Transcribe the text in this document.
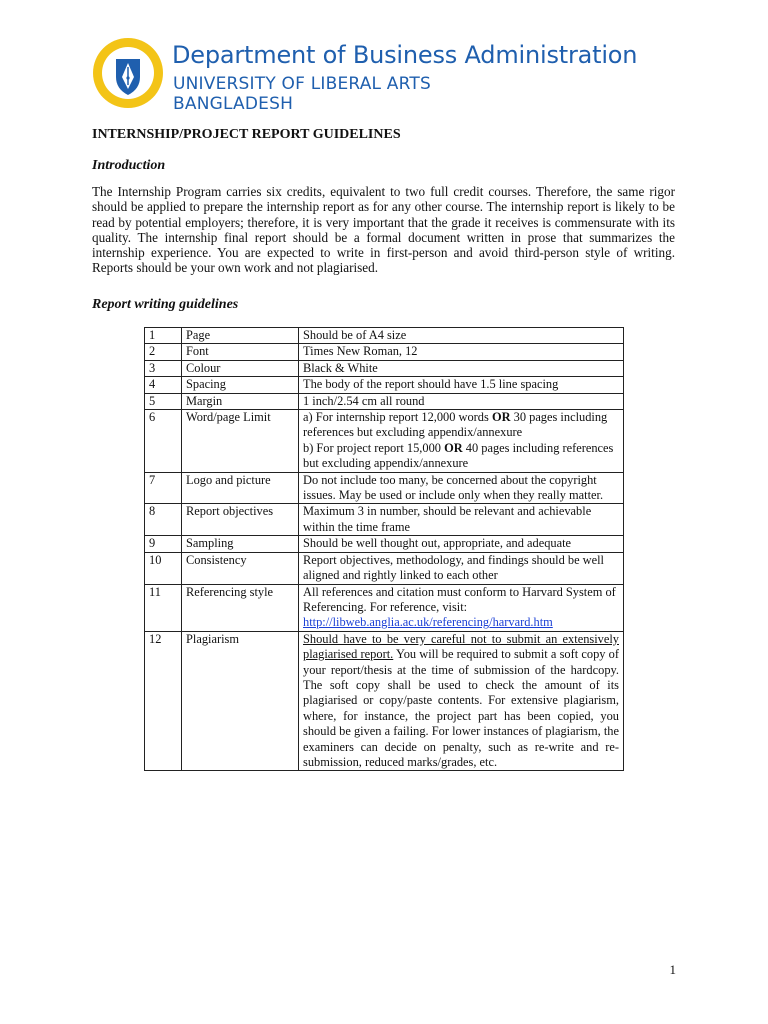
Department of Business Administration

UNIVERSITY OF LIBERAL ARTS

BANGLADESH

INTERNSHIP/PROJECT REPORT GUIDELINES
Introduction

The Internship Program carries six credits, equivalent to two full credit courses. Therefore, the same rigor should be applied to prepare the internship report as for any other course. The internship report is likely to be read by potential employers; therefore, it is very important that the grade it receives is commensurate with its quality. The internship final report should be a formal document written in prose that summarizes the internship experience. You are expected to write in first-person and avoid third-person style of writing. Reports should be your own work and not plagiarised.

Report writing guidelines
1	Page	Should be of A4 size
2	Font	Times New Roman, 12
3	Colour	Black & White
4	Spacing	The body of the report should have 1.5 line spacing
5	Margin	1 inch/2.54 cm all round
6	Word/page Limit	a) For internship report 12,000 words OR 30 pages including references but excluding appendix/annexure
b) For project report 15,000 OR 40 pages including references but excluding appendix/annexure
7	Logo and picture	Do not include too many, be concerned about the copyright issues. May be used or include only when they really matter.
8	Report objectives	Maximum 3 in number, should be relevant and achievable within the time frame
9	Sampling	Should be well thought out, appropriate, and adequate
10	Consistency	Report objectives, methodology, and findings should be well aligned and rightly linked to each other
11	Referencing style	All references and citation must conform to Harvard System of Referencing. For reference, visit:
http://libweb.anglia.ac.uk/referencing/harvard.htm
12	Plagiarism	Should have to be very careful not to submit an extensively plagiarised report. You will be required to submit a soft copy of your report/thesis at the time of submission of the hardcopy. The soft copy shall be used to check the amount of its plagiarised or copy/paste contents. For extensive plagiarism, where, for instance, the project part has been copied, you should be given a failing. For lower instances of plagiarism, the examiners can decide on penalty, such as re-write and re-submission, reduced marks/grades, etc.
1
